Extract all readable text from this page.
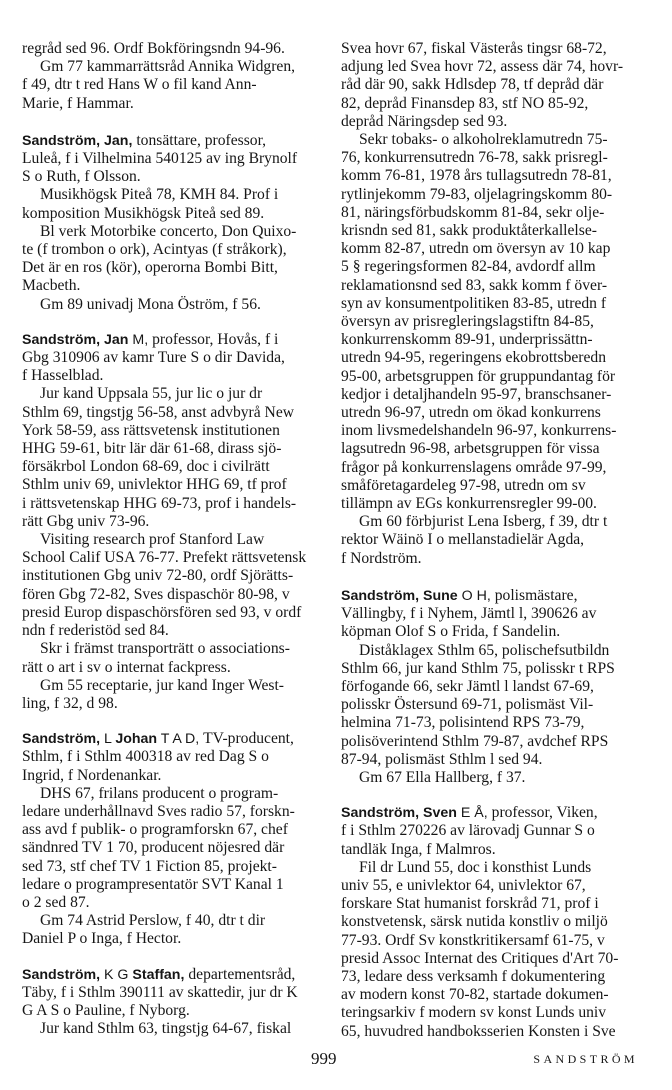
regråd sed 96. Ordf Bokföringsndn 94-96.
Gm 77 kammarrättsråd Annika Widgren,
f 49, dtr t red Hans W o fil kand Ann-
Marie, f Hammar.
Sandström, Jan, tonsättare, professor,
Luleå, f i Vilhelmina 540125 av ing Brynolf
S o Ruth, f Olsson.
Musikhögsk Piteå 78, KMH 84. Prof i
komposition Musikhögsk Piteå sed 89.
Bl verk Motorbike concerto, Don Quixo-
te (f trombon o ork), Acintyas (f stråkork),
Det är en ros (kör), operorna Bombi Bitt,
Macbeth.
Gm 89 univadj Mona Öström, f 56.
Sandström, Jan M, professor, Hovås, f i
Gbg 310906 av kamr Ture S o dir Davida,
f Hasselblad.
Jur kand Uppsala 55, jur lic o jur dr
Sthlm 69, tingstjg 56-58, anst advbyrå New
York 58-59, ass rättsvetensk institutionen
HHG 59-61, bitr lär där 61-68, dirass sjö-
försäkrbol London 68-69, doc i civilrätt
Sthlm univ 69, univlektor HHG 69, tf prof
i rättsvetenskap HHG 69-73, prof i handels-
rätt Gbg univ 73-96.
Visiting research prof Stanford Law
School Calif USA 76-77. Prefekt rättsvetensk
institutionen Gbg univ 72-80, ordf Sjörätts-
fören Gbg 72-82, Sves dispaschör 80-98, v
presid Europ dispaschörsfören sed 93, v ordf
ndn f rederistöd sed 84.
Skr i främst transporträtt o associations-
rätt o art i sv o internat fackpress.
Gm 55 receptarie, jur kand Inger West-
ling, f 32, d 98.
Sandström, L Johan T A D, TV-producent,
Sthlm, f i Sthlm 400318 av red Dag S o
Ingrid, f Nordenankar.
DHS 67, frilans producent o program-
ledare underhållnavd Sves radio 57, forskn-
ass avd f publik- o programforskn 67, chef
sändnred TV 1 70, producent nöjesred där
sed 73, stf chef TV 1 Fiction 85, projekt-
ledare o programpresentatör SVT Kanal 1
o 2 sed 87.
Gm 74 Astrid Perslow, f 40, dtr t dir
Daniel P o Inga, f Hector.
Sandström, K G Staffan, departementsråd,
Täby, f i Sthlm 390111 av skattedir, jur dr K
G A S o Pauline, f Nyborg.
Jur kand Sthlm 63, tingstjg 64-67, fiskal
Svea hovr 67, fiskal Västerås tingsr 68-72,
adjung led Svea hovr 72, assess där 74, hovr-
råd där 90, sakk Hdlsdep 78, tf depråd där
82, depråd Finansdep 83, stf NO 85-92,
depråd Näringsdep sed 93.
Sekr tobaks- o alkoholreklamutredn 75-
76, konkurrensutredn 76-78, sakk prisregl-
komm 76-81, 1978 års tullagsutredn 78-81,
rytlinjekomm 79-83, oljelagringskomm 80-
81, näringsförbudskomm 81-84, sekr olje-
krisndn sed 81, sakk produktåterkallelse-
komm 82-87, utredn om översyn av 10 kap
5 § regeringsformen 82-84, avdordf allm
reklamationsnd sed 83, sakk komm f över-
syn av konsumentpolitiken 83-85, utredn f
översyn av prisregleringslagstiftn 84-85,
konkurrenskomm 89-91, underprissättn-
utredn 94-95, regeringens ekobrottsberedn
95-00, arbetsgruppen för gruppundantag för
kedjor i detaljhandeln 95-97, branschsaner-
utredn 96-97, utredn om ökad konkurrens
inom livsmedelshandeln 96-97, konkurrens-
lagsutredn 96-98, arbetsgruppen för vissa
frågor på konkurrenslagens område 97-99,
småföretagardeleg 97-98, utredn om sv
tillämpn av EGs konkurrensregler 99-00.
Gm 60 förbjurist Lena Isberg, f 39, dtr t
rektor Wäinö I o mellanstadielär Agda,
f Nordström.
Sandström, Sune O H, polismästare,
Vällingby, f i Nyhem, Jämtl l, 390626 av
köpman Olof S o Frida, f Sandelin.
Diståklagex Sthlm 65, polischefsutbildn
Sthlm 66, jur kand Sthlm 75, polisskr t RPS
förfogande 66, sekr Jämtl l landst 67-69,
polisskr Östersund 69-71, polismäst Vil-
helmina 71-73, polisintend RPS 73-79,
polisöverintend Sthlm 79-87, avdchef RPS
87-94, polismäst Sthlm l sed 94.
Gm 67 Ella Hallberg, f 37.
Sandström, Sven E Å, professor, Viken,
f i Sthlm 270226 av lärovadj Gunnar S o
tandläk Inga, f Malmros.
Fil dr Lund 55, doc i konsthist Lunds
univ 55, e univlektor 64, univlektor 67,
forskare Stat humanist forskråd 71, prof i
konstvetensk, särsk nutida konstliv o miljö
77-93. Ordf Sv konstkritikersamf 61-75, v
presid Assoc Internat des Critiques d'Art 70-
73, ledare dess verksamh f dokumentering
av modern konst 70-82, startade dokumen-
teringsarkiv f modern sv konst Lunds univ
65, huvudred handboksserien Konsten i Sve
999	SANDSTRÖM
